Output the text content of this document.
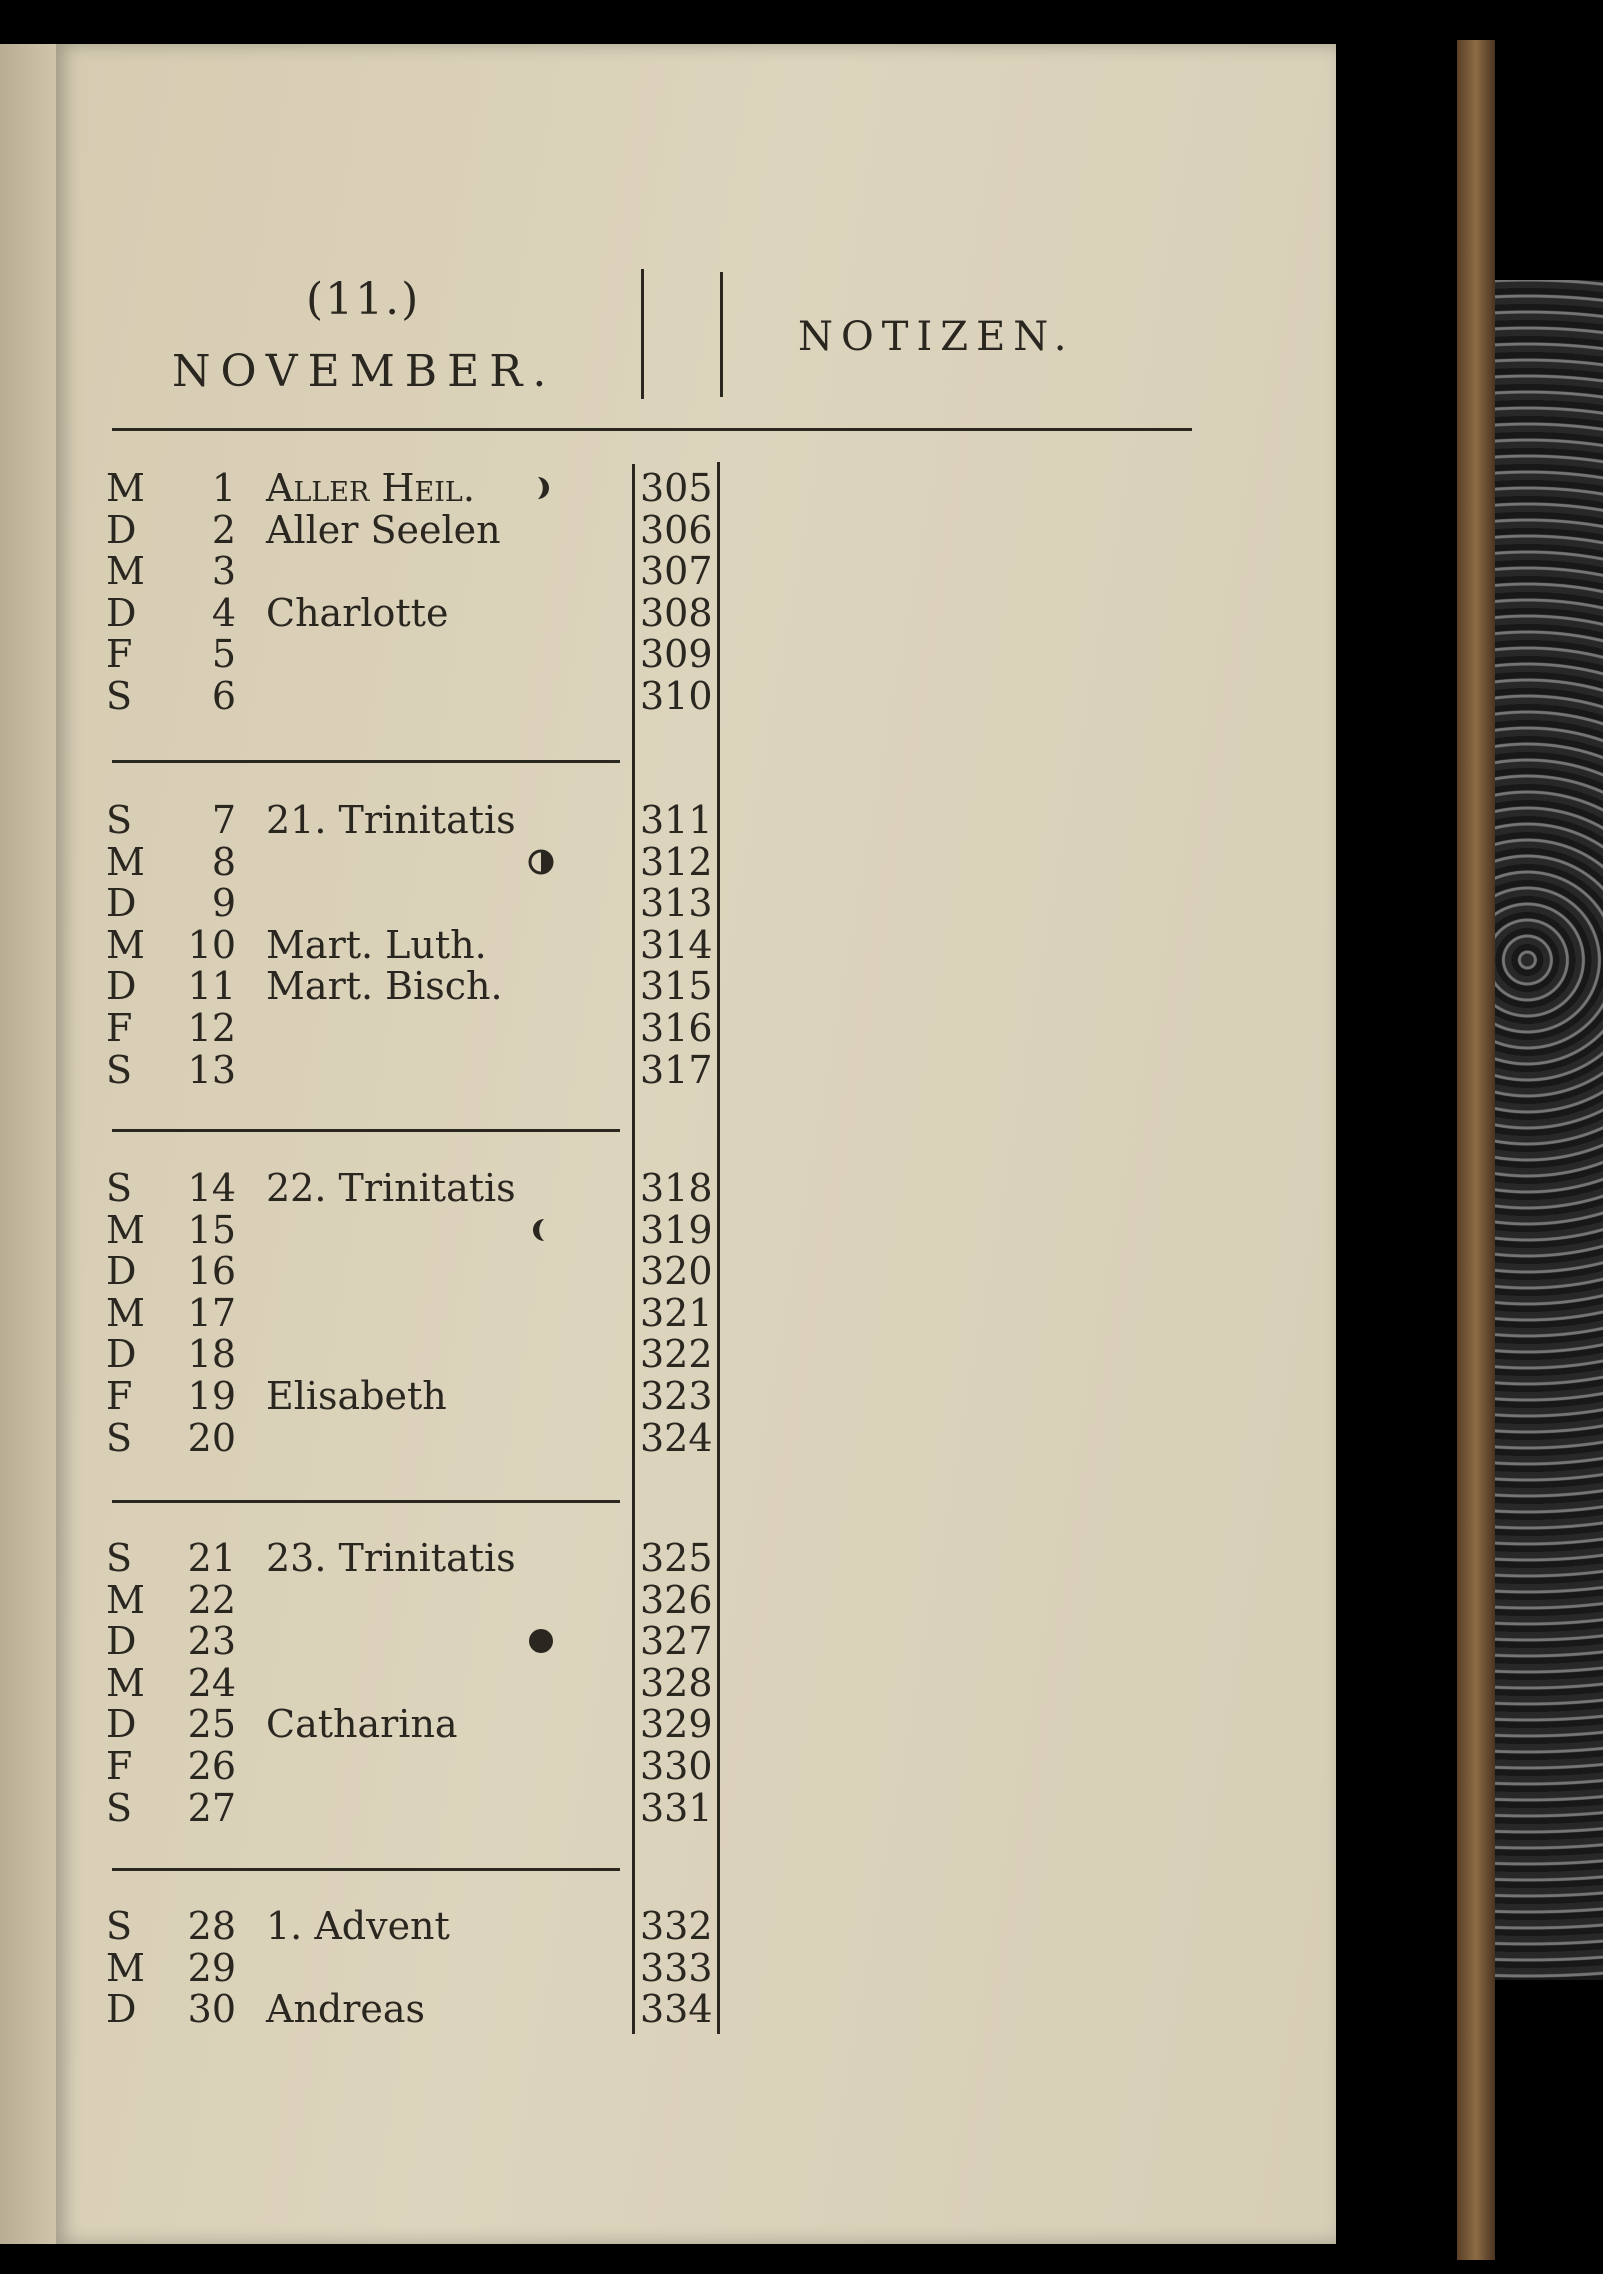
(11.)
NOVEMBER.
NOTIZEN.
M	1 Aller Heil.	305
D	2 Aller Seelen	306
M	3	307
D	4 Charlotte	308
F	5	309
S	6	310
S	7 21. Trinitatis	311
M	8	312
D	9	313
M	10 Mart. Luth.	314
D	11 Mart. Bisch.	315
F	12	316
S	13	317
S	14 22. Trinitatis	318
M	15	319
D	16	320
M	17	321
D	18	322
F	19 Elisabeth	323
S	20	324
S	21 23. Trinitatis	325
M	22	326
D	23	327
M	24	328
D	25 Catharina	329
F	26	330
S	27	331
S	28 1. Advent	332
M	29	333
D	30 Andreas	334
